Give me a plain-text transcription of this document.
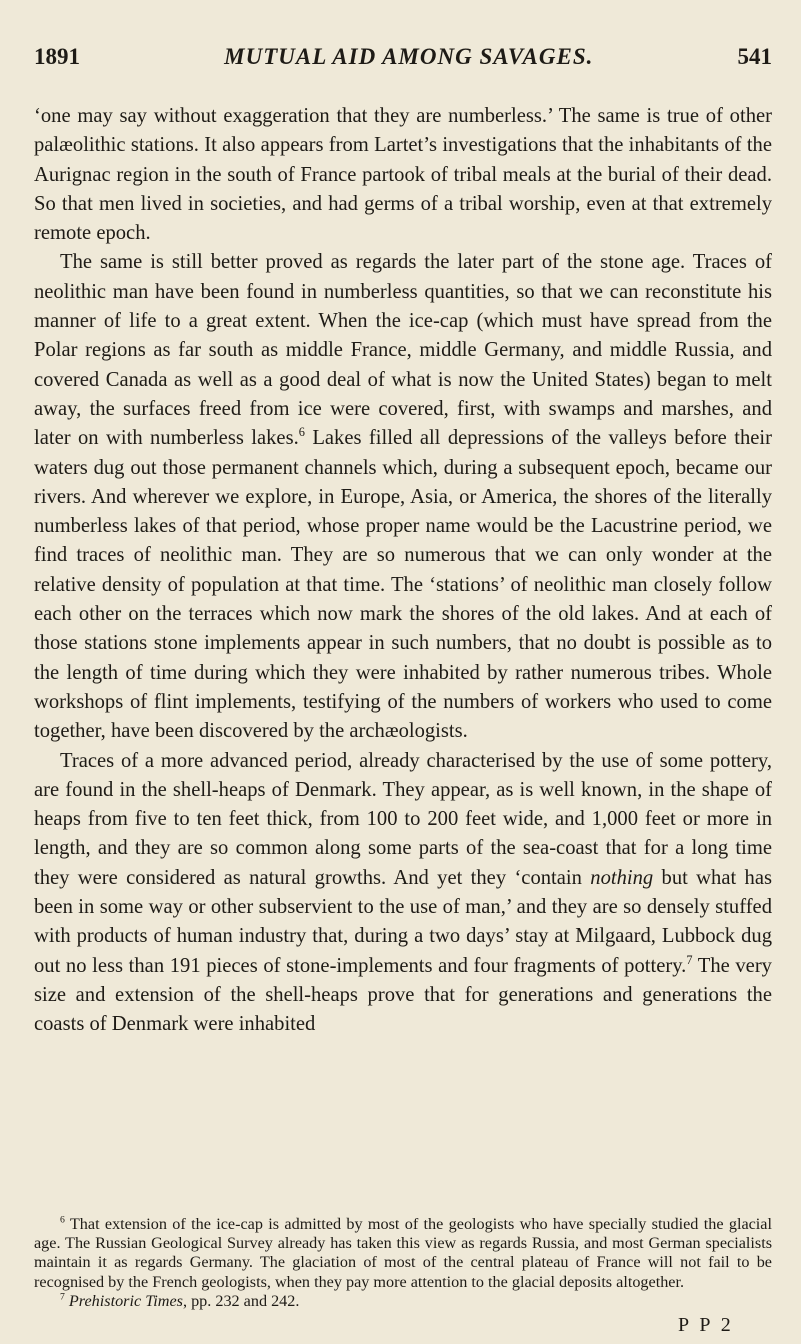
1891	MUTUAL AID AMONG SAVAGES.	541

‘one may say without exaggeration that they are numberless.’ The same is true of other palæolithic stations. It also appears from Lartet’s investigations that the inhabitants of the Aurignac region in the south of France partook of tribal meals at the burial of their dead. So that men lived in societies, and had germs of a tribal worship, even at that extremely remote epoch.

The same is still better proved as regards the later part of the stone age. Traces of neolithic man have been found in numberless quantities, so that we can reconstitute his manner of life to a great extent. When the ice-cap (which must have spread from the Polar regions as far south as middle France, middle Germany, and middle Russia, and covered Canada as well as a good deal of what is now the United States) began to melt away, the surfaces freed from ice were covered, first, with swamps and marshes, and later on with numberless lakes.$^6$ Lakes filled all depressions of the valleys before their waters dug out those permanent channels which, during a subsequent epoch, became our rivers. And wherever we explore, in Europe, Asia, or America, the shores of the literally numberless lakes of that period, whose proper name would be the Lacustrine period, we find traces of neolithic man. They are so numerous that we can only wonder at the relative density of population at that time. The ‘stations’ of neolithic man closely follow each other on the terraces which now mark the shores of the old lakes. And at each of those stations stone implements appear in such numbers, that no doubt is possible as to the length of time during which they were inhabited by rather numerous tribes. Whole workshops of flint implements, testifying of the numbers of workers who used to come together, have been discovered by the archæologists.

Traces of a more advanced period, already characterised by the use of some pottery, are found in the shell-heaps of Denmark. They appear, as is well known, in the shape of heaps from five to ten feet thick, from 100 to 200 feet wide, and 1,000 feet or more in length, and they are so common along some parts of the sea-coast that for a long time they were considered as natural growths. And yet they ‘contain nothing but what has been in some way or other subservient to the use of man,’ and they are so densely stuffed with products of human industry that, during a two days’ stay at Milgaard, Lubbock dug out no less than 191 pieces of stone-implements and four fragments of pottery.$^7$ The very size and extension of the shell-heaps prove that for generations and generations the coasts of Denmark were inhabited

$^6$ That extension of the ice-cap is admitted by most of the geologists who have specially studied the glacial age. The Russian Geological Survey already has taken this view as regards Russia, and most German specialists maintain it as regards Germany. The glaciation of most of the central plateau of France will not fail to be recognised by the French geologists, when they pay more attention to the glacial deposits altogether.

$^7$ Prehistoric Times, pp. 232 and 242.

P P 2
